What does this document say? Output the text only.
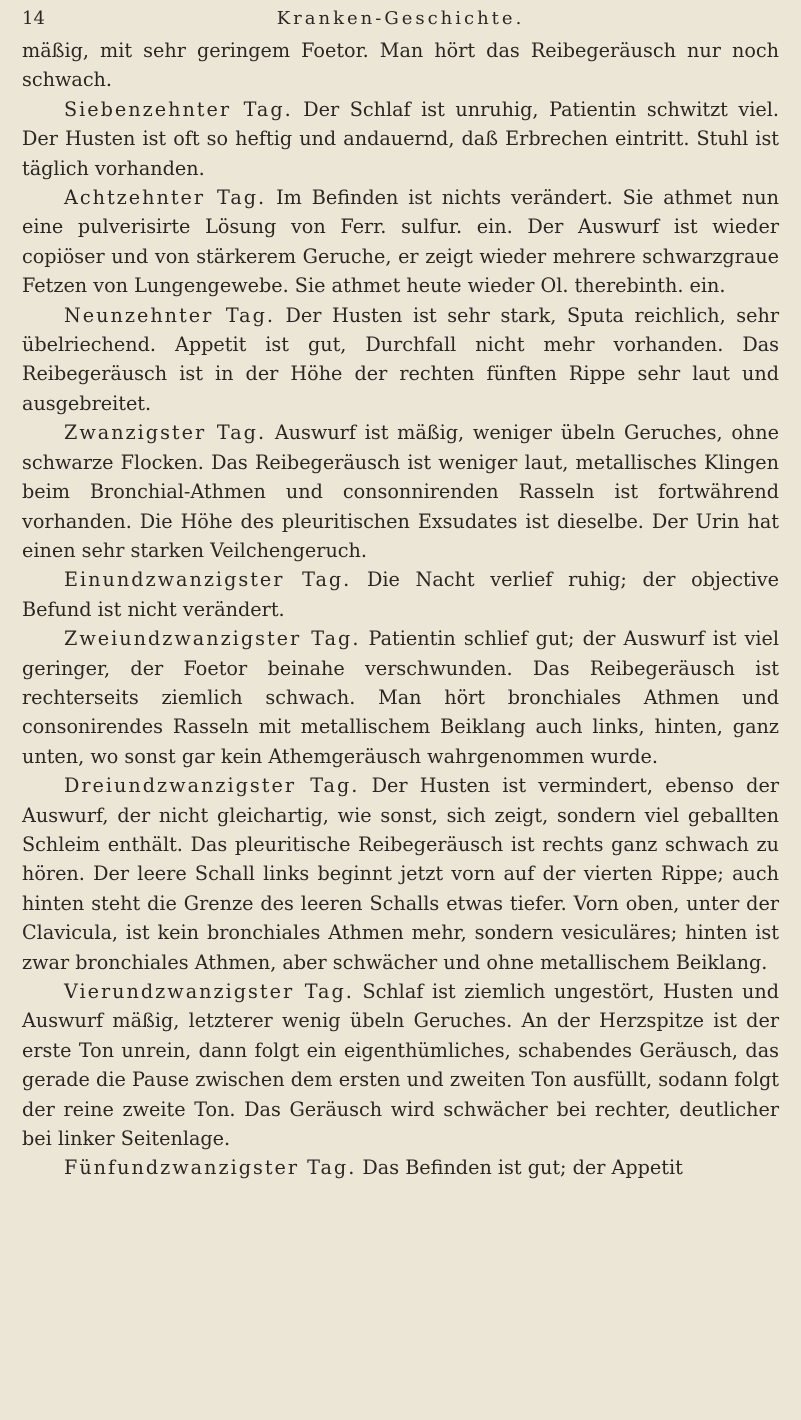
14	Kranken-Geschichte.

mäßig, mit sehr geringem Foetor. Man hört das Reibegeräusch nur noch schwach.

Siebenzehnter Tag. Der Schlaf ist unruhig, Patientin schwitzt viel. Der Husten ist oft so heftig und andauernd, daß Erbrechen eintritt. Stuhl ist täglich vorhanden.

Achtzehnter Tag. Im Befinden ist nichts verändert. Sie athmet nun eine pulverisirte Lösung von Ferr. sulfur. ein. Der Auswurf ist wieder copiöser und von stärkerem Geruche, er zeigt wieder mehrere schwarzgraue Fetzen von Lungengewebe. Sie athmet heute wieder Ol. therebinth. ein.

Neunzehnter Tag. Der Husten ist sehr stark, Sputa reichlich, sehr übelriechend. Appetit ist gut, Durchfall nicht mehr vorhanden. Das Reibegeräusch ist in der Höhe der rechten fünften Rippe sehr laut und ausgebreitet.

Zwanzigster Tag. Auswurf ist mäßig, weniger übeln Geruches, ohne schwarze Flocken. Das Reibegeräusch ist weniger laut, metallisches Klingen beim Bronchial-Athmen und consonnirenden Rasseln ist fortwährend vorhanden. Die Höhe des pleuritischen Exsudates ist dieselbe. Der Urin hat einen sehr starken Veilchengeruch.

Einundzwanzigster Tag. Die Nacht verlief ruhig; der objective Befund ist nicht verändert.

Zweiundzwanzigster Tag. Patientin schlief gut; der Auswurf ist viel geringer, der Foetor beinahe verschwunden. Das Reibegeräusch ist rechterseits ziemlich schwach. Man hört bronchiales Athmen und consonirendes Rasseln mit metallischem Beiklang auch links, hinten, ganz unten, wo sonst gar kein Athemgeräusch wahrgenommen wurde.

Dreiundzwanzigster Tag. Der Husten ist vermindert, ebenso der Auswurf, der nicht gleichartig, wie sonst, sich zeigt, sondern viel geballten Schleim enthält. Das pleuritische Reibegeräusch ist rechts ganz schwach zu hören. Der leere Schall links beginnt jetzt vorn auf der vierten Rippe; auch hinten steht die Grenze des leeren Schalls etwas tiefer. Vorn oben, unter der Clavicula, ist kein bronchiales Athmen mehr, sondern vesiculäres; hinten ist zwar bronchiales Athmen, aber schwächer und ohne metallischem Beiklang.

Vierundzwanzigster Tag. Schlaf ist ziemlich ungestört, Husten und Auswurf mäßig, letzterer wenig übeln Geruches. An der Herzspitze ist der erste Ton unrein, dann folgt ein eigenthümliches, schabendes Geräusch, das gerade die Pause zwischen dem ersten und zweiten Ton ausfüllt, sodann folgt der reine zweite Ton. Das Geräusch wird schwächer bei rechter, deutlicher bei linker Seitenlage.

Fünfundzwanzigster Tag. Das Befinden ist gut; der Appetit
